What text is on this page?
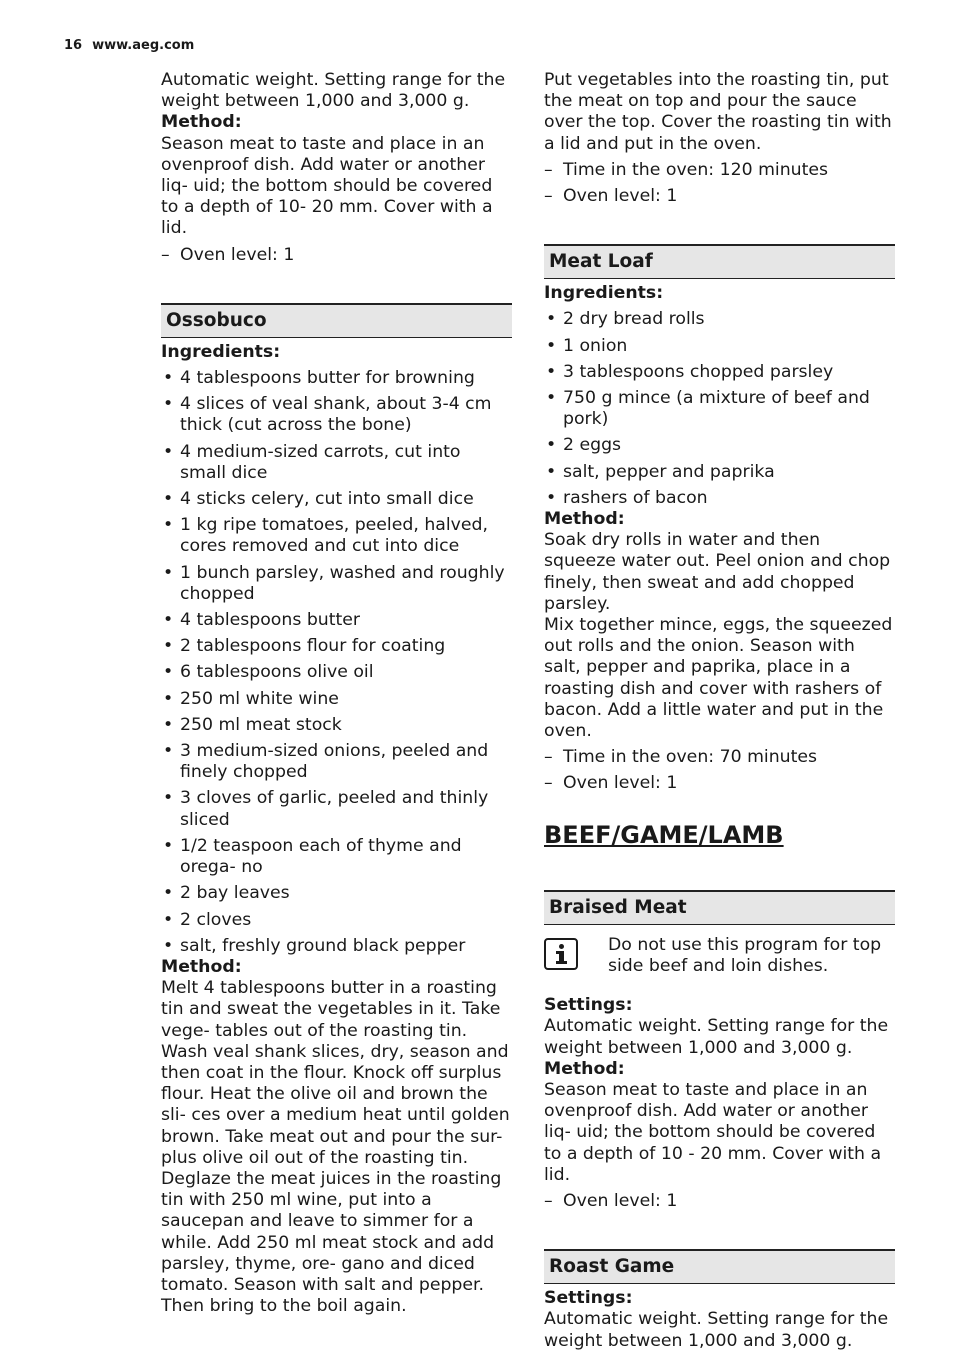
16 www.aeg.com

Automatic weight. Setting range for the weight between 1,000 and 3,000 g.

Method:

Season meat to taste and place in an ovenproof dish. Add water or another liq- uid; the bottom should be covered to a depth of 10- 20 mm. Cover with a lid.

– Oven level: 1
Ossobuco

Ingredients:

• 4 tablespoons butter for browning
• 4 slices of veal shank, about 3-4 cm thick (cut across the bone)
• 4 medium-sized carrots, cut into small dice
• 4 sticks celery, cut into small dice
• 1 kg ripe tomatoes, peeled, halved, cores removed and cut into dice
• 1 bunch parsley, washed and roughly chopped
• 4 tablespoons butter
• 2 tablespoons flour for coating
• 6 tablespoons olive oil
• 250 ml white wine
• 250 ml meat stock
• 3 medium-sized onions, peeled and finely chopped
• 3 cloves of garlic, peeled and thinly sliced
• 1/2 teaspoon each of thyme and orega- no
• 2 bay leaves
• 2 cloves
• salt, freshly ground black pepper

Method:

Melt 4 tablespoons butter in a roasting tin and sweat the vegetables in it. Take vege- tables out of the roasting tin.

Wash veal shank slices, dry, season and then coat in the flour. Knock off surplus flour. Heat the olive oil and brown the sli- ces over a medium heat until golden brown. Take meat out and pour the sur- plus olive oil out of the roasting tin.

Deglaze the meat juices in the roasting tin with 250 ml wine, put into a saucepan and leave to simmer for a while. Add 250 ml meat stock and add parsley, thyme, ore- gano and diced tomato. Season with salt and pepper. Then bring to the boil again.

Put vegetables into the roasting tin, put the meat on top and pour the sauce over the top. Cover the roasting tin with a lid and put in the oven.

– Time in the oven: 120 minutes
– Oven level: 1
Meat Loaf

Ingredients:

• 2 dry bread rolls
• 1 onion
• 3 tablespoons chopped parsley
• 750 g mince (a mixture of beef and pork)
• 2 eggs
• salt, pepper and paprika
• rashers of bacon

Method:

Soak dry rolls in water and then squeeze water out. Peel onion and chop finely, then sweat and add chopped parsley.

Mix together mince, eggs, the squeezed out rolls and the onion. Season with salt, pepper and paprika, place in a roasting dish and cover with rashers of bacon. Add a little water and put in the oven.

– Time in the oven: 70 minutes
– Oven level: 1
BEEF/GAME/LAMB
Braised Meat

Do not use this program for top side beef and loin dishes.

Settings:

Automatic weight. Setting range for the weight between 1,000 and 3,000 g.

Method:

Season meat to taste and place in an ovenproof dish. Add water or another liq- uid; the bottom should be covered to a depth of 10 - 20 mm. Cover with a lid.

– Oven level: 1
Roast Game

Settings:

Automatic weight. Setting range for the weight between 1,000 and 3,000 g.
